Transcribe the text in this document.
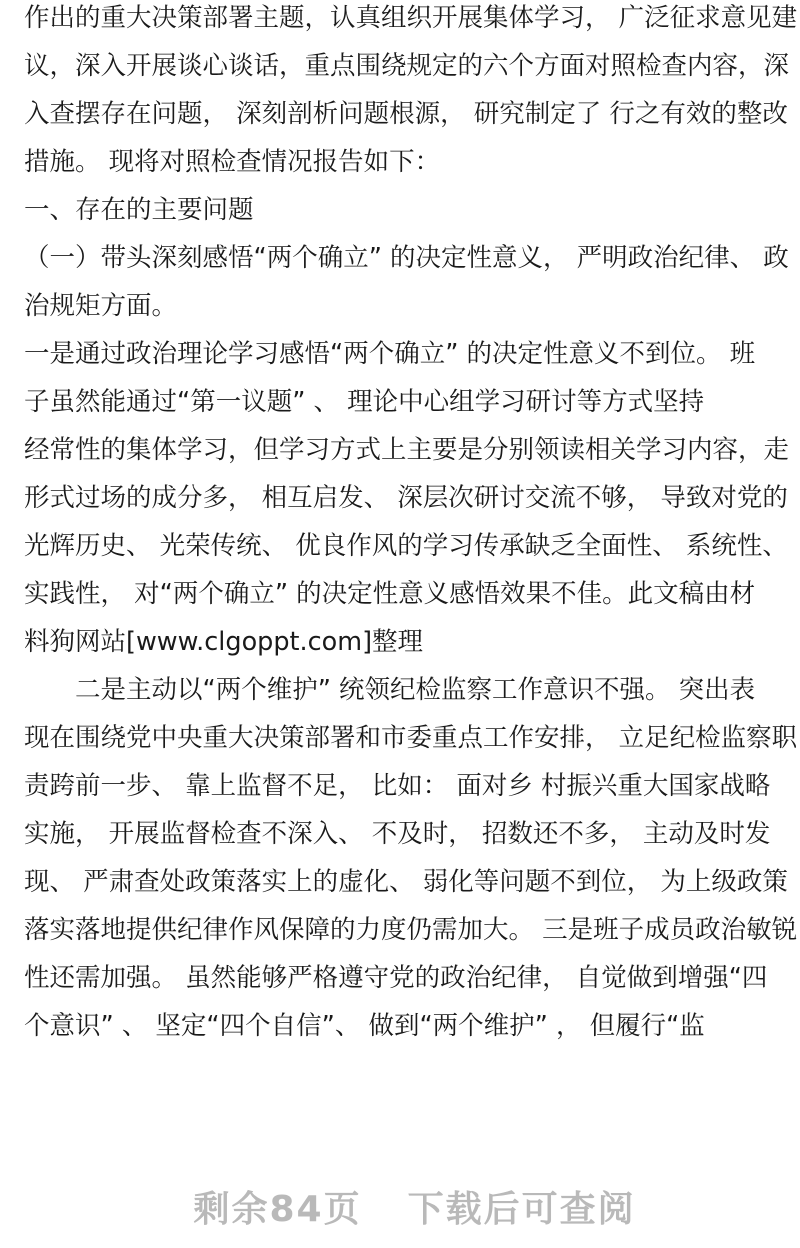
作出的重大决策部署主题，认真组织开展集体学习， 广泛征求意见建
议，深入开展谈心谈话，重点围绕规定的六个方面对照检查内容，深
入查摆存在问题， 深刻剖析问题根源， 研究制定了 行之有效的整改
措施。 现将对照检查情况报告如下：
一、存在的主要问题
（一）带头深刻感悟“两个确立” 的决定性意义， 严明政治纪律、 政
治规矩方面。
一是通过政治理论学习感悟“两个确立” 的决定性意义不到位。 班
子虽然能通过“第一议题” 、 理论中心组学习研讨等方式坚持
经常性的集体学习，但学习方式上主要是分别领读相关学习内容，走
形式过场的成分多， 相互启发、 深层次研讨交流不够， 导致对党的
光辉历史、 光荣传统、 优良作风的学习传承缺乏全面性、 系统性、
实践性， 对“两个确立” 的决定性意义感悟效果不佳。此文稿由材
料狗网站[www.clgoppt.com]整理
　　二是主动以“两个维护” 统领纪检监察工作意识不强。 突出表
现在围绕党中央重大决策部署和市委重点工作安排， 立足纪检监察职
责跨前一步、 靠上监督不足， 比如： 面对乡 村振兴重大国家战略
实施， 开展监督检查不深入、 不及时， 招数还不多， 主动及时发
现、 严肃查处政策落实上的虚化、 弱化等问题不到位， 为上级政策
落实落地提供纪律作风保障的力度仍需加大。 三是班子成员政治敏锐
性还需加强。 虽然能够严格遵守党的政治纪律， 自觉做到增强“四
个意识” 、 坚定“四个自信”、 做到“两个维护” ， 但履行“监

剩余84页 下载后可查阅
